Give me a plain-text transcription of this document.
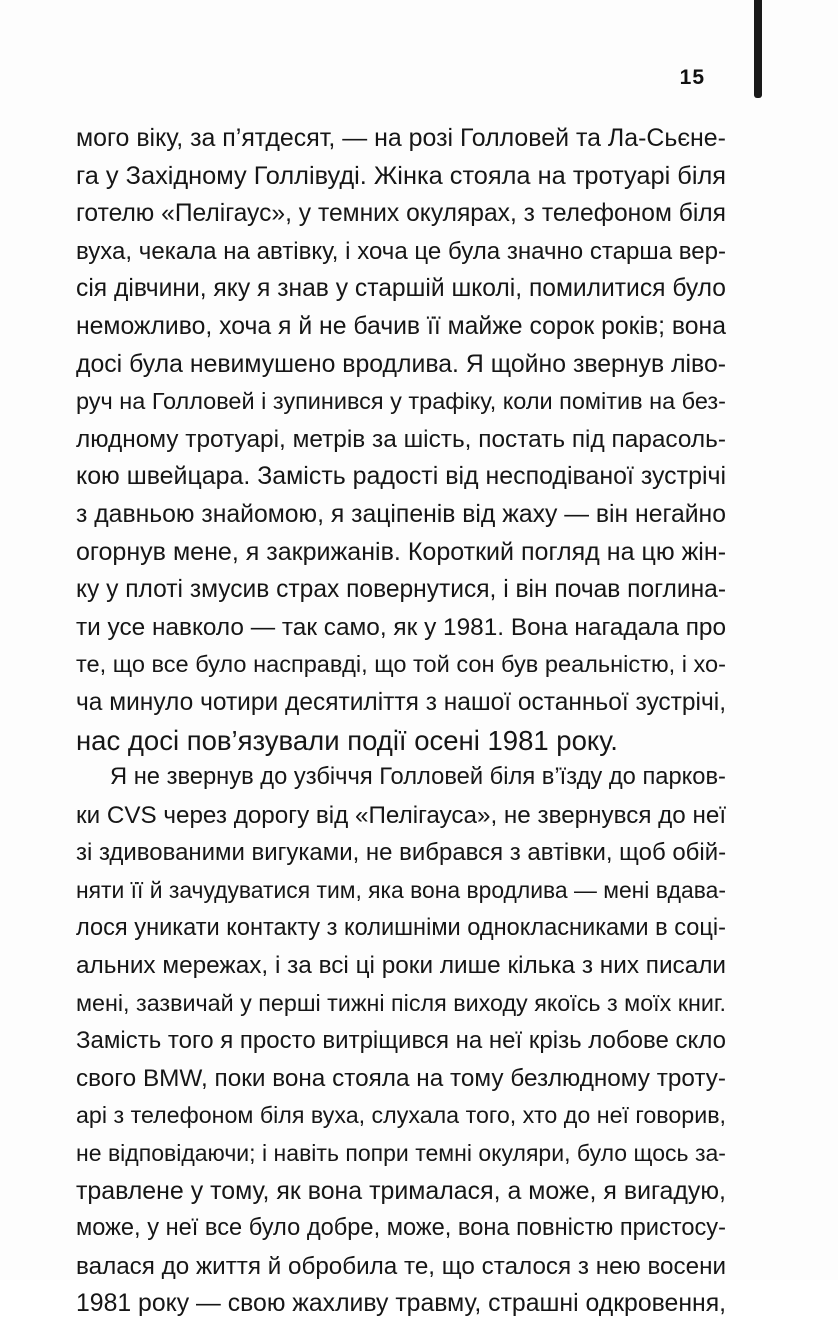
15
мого віку, за п’ятдесят, — на розі Голловей та Ла-Сьєне-
га у Західному Голлівуді. Жінка стояла на тротуарі біля
готелю «Пелігаус», у темних окулярах, з телефоном біля
вуха, чекала на автівку, і хоча це була значно старша вер-
сія дівчини, яку я знав у старшій школі, помилитися було
неможливо, хоча я й не бачив її майже сорок років; вона
досі була невимушено вродлива. Я щойно звернув ліво-
руч на Голловей і зупинився у трафіку, коли помітив на без-
людному тротуарі, метрів за шість, постать під парасоль-
кою швейцара. Замість радості від несподіваної зустрічі
з давньою знайомою, я заціпенів від жаху — він негайно
огорнув мене, я закрижанів. Короткий погляд на цю жін-
ку у плоті змусив страх повернутися, і він почав поглина-
ти усе навколо — так само, як у 1981. Вона нагадала про
те, що все було насправді, що той сон був реальністю, і хо-
ча минуло чотири десятиліття з нашої останньої зустрічі,
нас досі пов’язували події осені 1981 року.
Я не звернув до узбіччя Голловей біля в’їзду до парков-
ки CVS через дорогу від «Пелігауса», не звернувся до неї
зі здивованими вигуками, не вибрався з автівки, щоб обій-
няти її й зачудуватися тим, яка вона вродлива — мені вдава-
лося уникати контакту з колишніми однокласниками в соці-
альних мережах, і за всі ці роки лише кілька з них писали
мені, зазвичай у перші тижні після виходу якоїсь з моїх книг.
Замість того я просто витріщився на неї крізь лобове скло
свого BMW, поки вона стояла на тому безлюдному троту-
арі з телефоном біля вуха, слухала того, хто до неї говорив,
не відповідаючи; і навіть попри темні окуляри, було щось за-
травлене у тому, як вона трималася, а може, я вигадую,
може, у неї все було добре, може, вона повністю пристосу-
валася до життя й обробила те, що сталося з нею восени
1981 року — свою жахливу травму, страшні одкровення,
